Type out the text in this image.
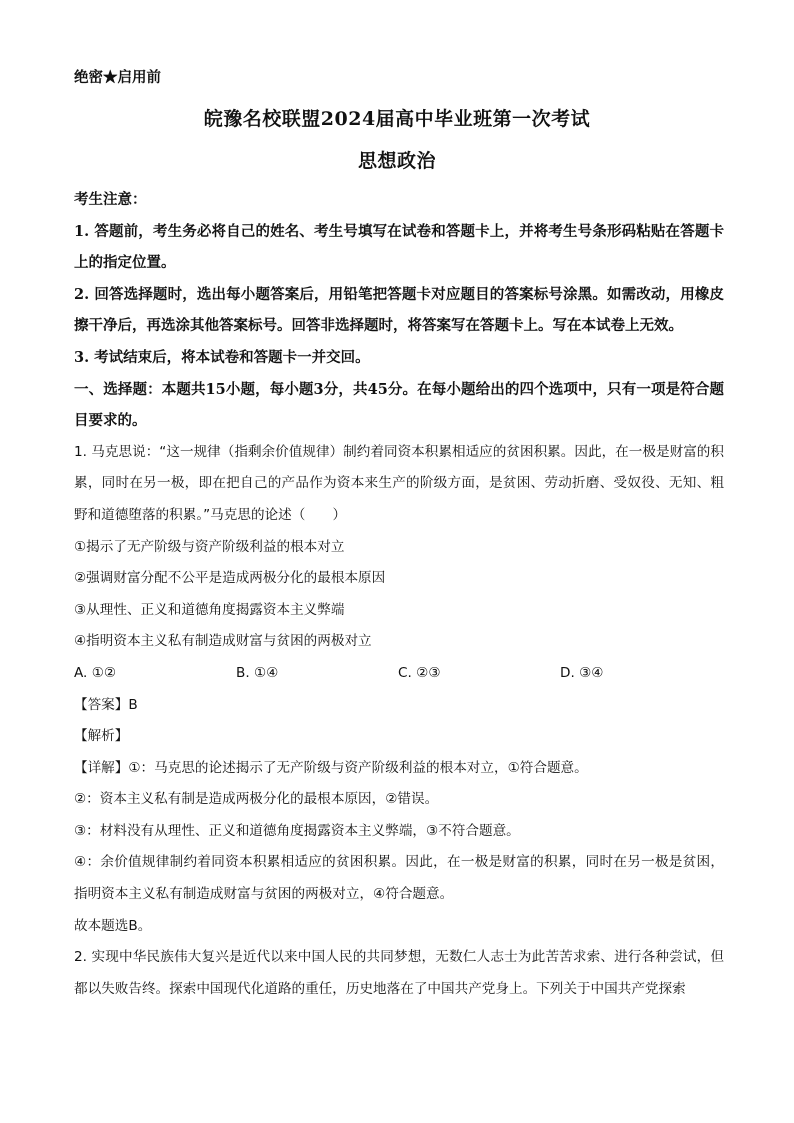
绝密★启用前
皖豫名校联盟2024届高中毕业班第一次考试
思想政治

考生注意：

1. 答题前，考生务必将自己的姓名、考生号填写在试卷和答题卡上，并将考生号条形码粘贴在答题卡上的指定位置。

2. 回答选择题时，选出每小题答案后，用铅笔把答题卡对应题目的答案标号涂黑。如需改动，用橡皮擦干净后，再选涂其他答案标号。回答非选择题时，将答案写在答题卡上。写在本试卷上无效。

3. 考试结束后，将本试卷和答题卡一并交回。

一、选择题：本题共15小题，每小题3分，共45分。在每小题给出的四个选项中，只有一项是符合题目要求的。

1. 马克思说：“这一规律（指剩余价值规律）制约着同资本积累相适应的贫困积累。因此，在一极是财富的积累，同时在另一极，即在把自己的产品作为资本来生产的阶级方面，是贫困、劳动折磨、受奴役、无知、粗野和道德堕落的积累。”马克思的论述（　　）

①揭示了无产阶级与资产阶级利益的根本对立

②强调财富分配不公平是造成两极分化的最根本原因

③从理性、正义和道德角度揭露资本主义弊端

④指明资本主义私有制造成财富与贫困的两极对立

A. ①②	B. ①④	C. ②③	D. ③④

【答案】B

【解析】

【详解】①：马克思的论述揭示了无产阶级与资产阶级利益的根本对立，①符合题意。

②：资本主义私有制是造成两极分化的最根本原因，②错误。

③：材料没有从理性、正义和道德角度揭露资本主义弊端，③不符合题意。

④：余价值规律制约着同资本积累相适应的贫困积累。因此，在一极是财富的积累，同时在另一极是贫困，指明资本主义私有制造成财富与贫困的两极对立，④符合题意。

故本题选B。

2. 实现中华民族伟大复兴是近代以来中国人民的共同梦想，无数仁人志士为此苦苦求索、进行各种尝试，但都以失败告终。探索中国现代化道路的重任，历史地落在了中国共产党身上。下列关于中国共产党探索
